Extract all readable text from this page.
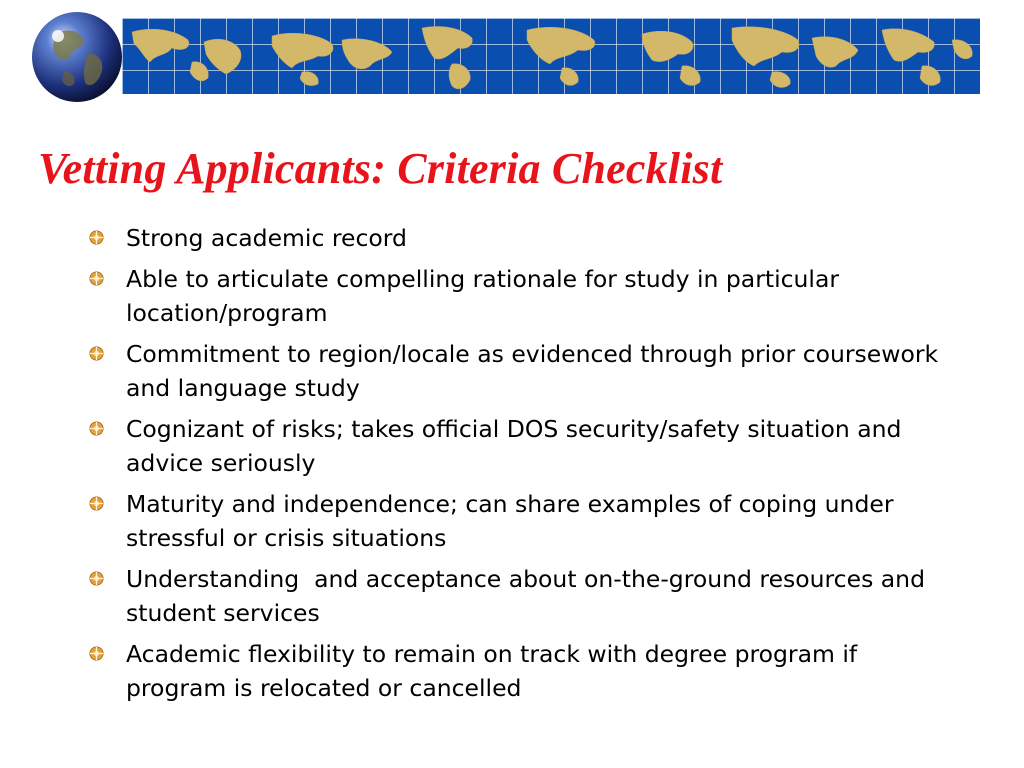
Vetting Applicants: Criteria Checklist
Strong academic record
Able to articulate compelling rationale for study in particular location/program
Commitment to region/locale as evidenced through prior coursework and language study
Cognizant of risks; takes official DOS security/safety situation and advice seriously
Maturity and independence; can share examples of coping under stressful or crisis situations
Understanding  and acceptance about on-the-ground resources and student services
Academic flexibility to remain on track with degree program if program is relocated or cancelled
